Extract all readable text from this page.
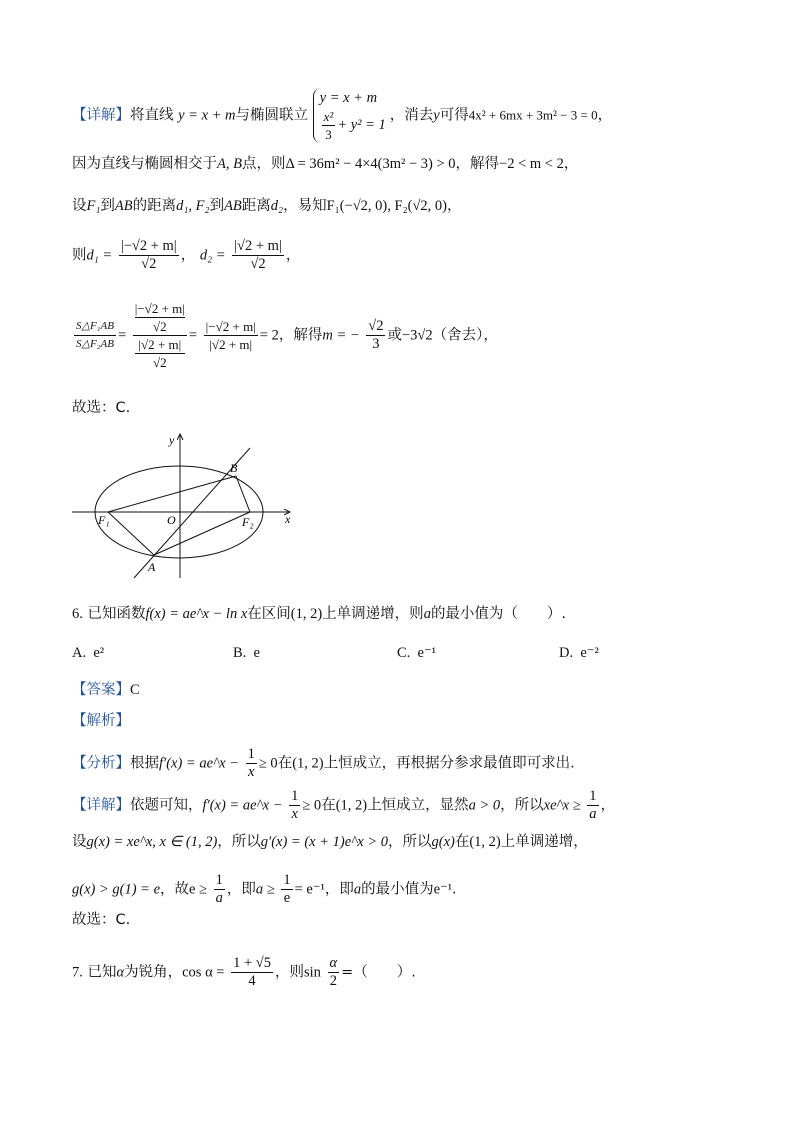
【详解】将直线 y = x + m与椭圆联立
y = x + m
$\frac{\text{x²}}{3} + y^2 = 1$
，消去y可得4x² + 6mx + 3m² − 3 = 0，
因为直线与椭圆相交于A, B点，则Δ = 36m² − 4×4(3m² − 3) > 0，解得−2 < m < 2，
设F₁到AB的距离d₁, F₂到AB距离d₂，易知F₁(−√2, 0), F₂(√2, 0)，
则$d_1 = \frac{|-√2 + m|}{√2}$ ， $d_2 = \frac{|√2 + m|}{√2}$ ，
$\frac{\text{S△F₁AB}}{\text{S△F₂AB}} = |-√2 + m|$
√2
|√2 + m|
$√2 = \frac{|-√2 + m|}{|√2 + m|} = 2$，解得m = − $\frac{√2}{3}$ 或−3√2（舍去），
故选：C.
y
x
O
B
A
F₁	F₂
6. 已知函数f(x) = ae^x − ln x在区间(1, 2)上单调递增，则a的最小值为（　　）.
A. e²	B. e	C. e⁻¹	D. e⁻²
【答案】C
【解析】
【分析】根据f′(x) = ae^x − $\frac{1}{x} \ge 0$在(1, 2)上恒成立，再根据分参求最值即可求出.
【详解】依题可知，f′(x) = ae^x − $\frac{1}{x} \ge 0$在(1, 2)上恒成立，显然a > 0，所以xe^x ≥ $\frac{1}{a}$ ，
设g(x) = xe^x, x ∈ (1, 2)，所以g′(x) = (x + 1)e^x > 0，所以g(x)在(1, 2)上单调递增，
g(x) > g(1) = e，故$e \ge \frac{1}{a}$ ，即$a \ge \frac{1}{e} = e^{-1}$，即a的最小值为e⁻¹.
故选：C.
7. 已知α为锐角，$\cos \alpha = \frac{1 + √5}{4}$ ，则$\sin \frac{\alpha}{2}$ =（　　）.
